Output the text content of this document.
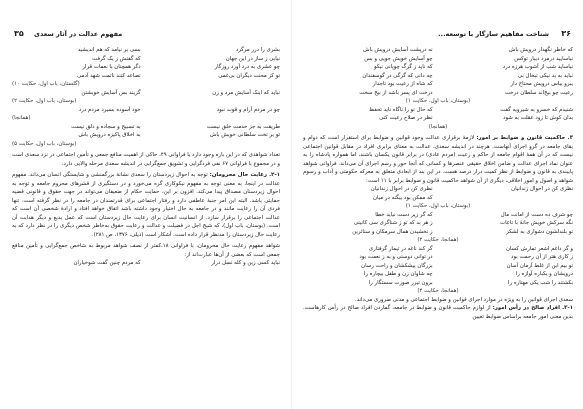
۳۵ مفهوم عدالت در آثار سعدی
بشری را درر مرگرد
بسی بر نیامد که هم اندیشید
نیابی ز ساز در این جهان
که گفتش ز یک گرفت
چو عشری به درد آورد روزگار
دگر همچنان با نعمات قرار
تو کز محنت دیگران بی‌غمی
تصاعد کنند ناتمت شهد آدمی
(گلستان، باب اول، حکایت ۱۰)
نباید که اینک آسایش مرد و زن
گزیند بس آسایش خویشتن
(بوستان، باب اول، حکایت ۲)
چو در مردم آرام و قوت نبود
خود آسوده بسیرد مردم درد
(همانجا)
طریقت به جز خدمت خلق نیست
به تسبیح و سجاده و دلق نیست
تو بر تخت سلطانی خویش باش
به اخلاق پاکیزه درویش باش
(بوستان، باب اول، حکایت ۵)

تعداد شواهدی که در این باره وجود دارد یا فراوانی ۴۹، حاکی از اهمیت منافع جمعی و تأمین اجتماعی در نزد سعدی است و در مجموع با فراوانی ۶۷ نفی فردگرایی و تشویق جمع‌گرایی در اندیشه سعدی مرحله والایی دارد.

۲-۱. رعایت حال محرومان: توجه به احوال زیردستان را سعدی نشانهٔ بزرگمنشی و شایستگی انسان می‌داند. مفهوم عدالت در اینجا، به معنی توجه به مفهوم نیکوکاری گره می‌خورد و در دستگیری از قشرهای محروم جامعه و توجه به احوال زیردستان مصداق پیدا می‌کند. افزون بر این، حمایت حکام از ضعیفان می‌تواند در جهت حقوق و قانونی قضیه حمایتی باشد. البته این امر جنبهٔ عاطفی دارد و رفتار اجتماعی برای قدرتمندان در جامعه را در نظر گرفته است. تنها فردی آن را رعایت مانند و در جامعه به حال اختیار وجود داشته باشد اتفاق خواهد افتاد و ارادهٔ شخصی آن است که عدالت اجتماعی را برقرار سازد. از انسانیت انسان برای رعایت حال زیردستان است که عمل بدیع و دیگر هدایت آن است. (بوستان، باب اول)، که شیخ اجل در فضیلت و عدالت و رعایت حقوق به‌خاطر شخص دیگری را در نظر دارد که به رعایت حال زیردستان را مدنظر قرار داده است. آشکار است (ذیلی، ۱۳۷۶، ص ۲۸۱).

شواهد مفهوم رعایت حال محرومان، با فراوانی ۱۸،کمتر از نصف شواهد مربوط به شاخص جمع‌گرایی و تأمین منافع جمعی است که بعضی از آن‌ها عبارت‌اند از:

نباید کسی زین و کله نسل درار
که مردم چنین گفت شوخیاران
۳۶
شناخت مفاهیم سازگار با توسعه...
که خاطر نگهدار درویش باش
نه درپشت آسایش درویش باش
نیاسایید درمرد دیبار توکس
چو آسایش خویش جویی و بس
نیاساید شب از آشوب هرزه درد
که ناید ز گرگ چوپانی نیکو
نباید به بد نیکی تبخال بی
چه دانی که گرگی در گوسفندان
یبرو بیاس درویش محتاج دار
که شاه از رعیت بود تاجدار
رعیت چو بیخ‌اند سلطان درخت
درخت ای پسر باشد از بیخ سخت
(بوستان، باب اول، حکایت ۱)
شنیدم که خسرو به شیرویه گفت
که حال تو را ناگاه ناید تحفظ
بدان کوش تا زود عقلت به شود
نظر در صلاح رعیت کنی
(همانجا)

۳. حاکمیت قانون و ضوابط بر امور: لازمهٔ برقراری عدالت وجود قوانین و ضوابط برای استقرار است که دوام و بقای جامعه در گرو اجرای آنهاست. هرچند در اندیشه سعدی، عدالت به معنای برابری افراد در مقابل قوانین اجتماعی نیست که در آن همهٔ اقوام جامعه از حاکم و رعیت (مردم عادی) در برابر قانون یکسان باشند، اما همواره پادشاه را به عنوان نماد اجرای عدالت و ضامن اخلاق حقیقی عنصرها و کسانی که آنجا حور و رسم اجرای آن می‌داند. فراوانی شواهد پایبندی به قانون و ضوابط از نظر کمیت درار درصد هست. در این بند از ابعادی متعلق به معرکه حکومتی و آداب و رسوم شواهد و اصول و امور اخلاقی، دیگری از آن شواهد حاکمیت قانون و ضوابط برابر با ۱۱ است:

نظری کن در احوال زندانیان
نظری کن در احوال زندانیان
که ممکن بود بیگنه در میان
(بوستان، باب اول، حکایت ۱)
چو شرف ده دست از امانت مال
که گر زیر دست نیاید خطا
نگه سرکش خویش جانهٔ با تاعات
ز هر بد که تو ز شناگری سی کانیتی
تو بلندلشون دشواری به لشکر
ز نخشیدن همال سرمکان و ستائرین
(همانجا، حکایت ۲)
و گر داغم اشعر تمارش کسان
گر کند ناغه در تیمار گرفتاری
ز کاری هتر از آن رحمت بود
در توانی دوستی و به ز نعمت بود
تو بیم این از غلط آرمان آسان
بزرگان پیشکشان و راحت رسان
درویشان و یکباره آوازه را
چه شاوان زن و طفل بیچاره را
بکشتند را شب یکی مهتاره را
برون تیرر صورت سستگار را
(همانجا، حکایت ۴)

سعدی اجرای قوانین را به ویژه در موارد اجرای قوانین و ضوابط اجتماعی و مدنی ضروری می‌داند.

۳-۱. اقراد صالح در رأس امور: از لوازم حاکمیت قانون و ضوابط در جامعه، گماردن افراد صالح در رأس کارهاست. بدین معنی امور جامعه براساس ضوابط تعیین
